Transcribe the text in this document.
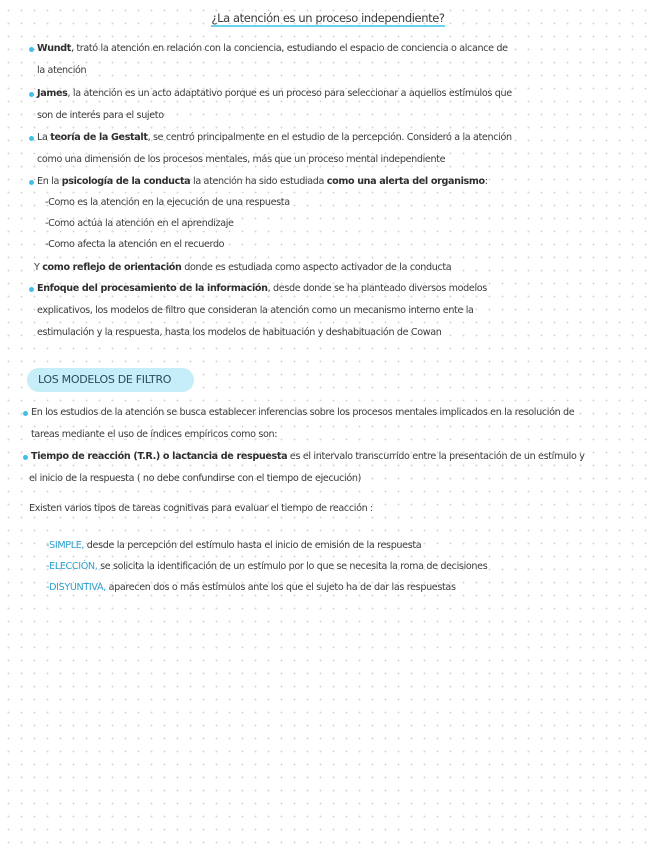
¿La atención es un proceso independiente?
Wundt, trató la atención en relación con la conciencia, estudiando el espacio de conciencia o alcance de
la atención
James, la atención es un acto adaptativo porque es un proceso para seleccionar a aquellos estímulos que
son de interés para el sujeto
La teoría de la Gestalt, se centró principalmente en el estudio de la percepción. Consideró a la atención
como una dimensión de los procesos mentales, más que un proceso mental independiente
En la psicología de la conducta la atención ha sido estudiada como una alerta del organismo:
-Como es la atención en la ejecución de una respuesta
-Como actúa la atención en el aprendizaje
-Como afecta la atención en el recuerdo
Y como reflejo de orientación donde es estudiada como aspecto activador de la conducta
Enfoque del procesamiento de la información, desde donde se ha planteado diversos modelos
explicativos, los modelos de filtro que consideran la atención como un mecanismo interno ente la
estimulación y la respuesta, hasta los modelos de habituación y deshabituación de Cowan
LOS MODELOS DE FILTRO
En los estudios de la atención se busca establecer inferencias sobre los procesos mentales implicados en la resolución de
tareas mediante el uso de índices empíricos como son:
Tiempo de reacción (T.R.) o lactancia de respuesta es el intervalo transcurrido entre la presentación de un estímulo y
el inicio de la respuesta ( no debe confundirse con el tiempo de ejecución)
Existen varios tipos de tareas cognitivas para evaluar el tiempo de reacción :
-SIMPLE, desde la percepción del estímulo hasta el inicio de emisión de la respuesta
-ELECCIÓN, se solicita la identificación de un estímulo por lo que se necesita la roma de decisiones
-DISYUNTIVA, aparecen dos o más estímulos ante los que el sujeto ha de dar las respuestas
